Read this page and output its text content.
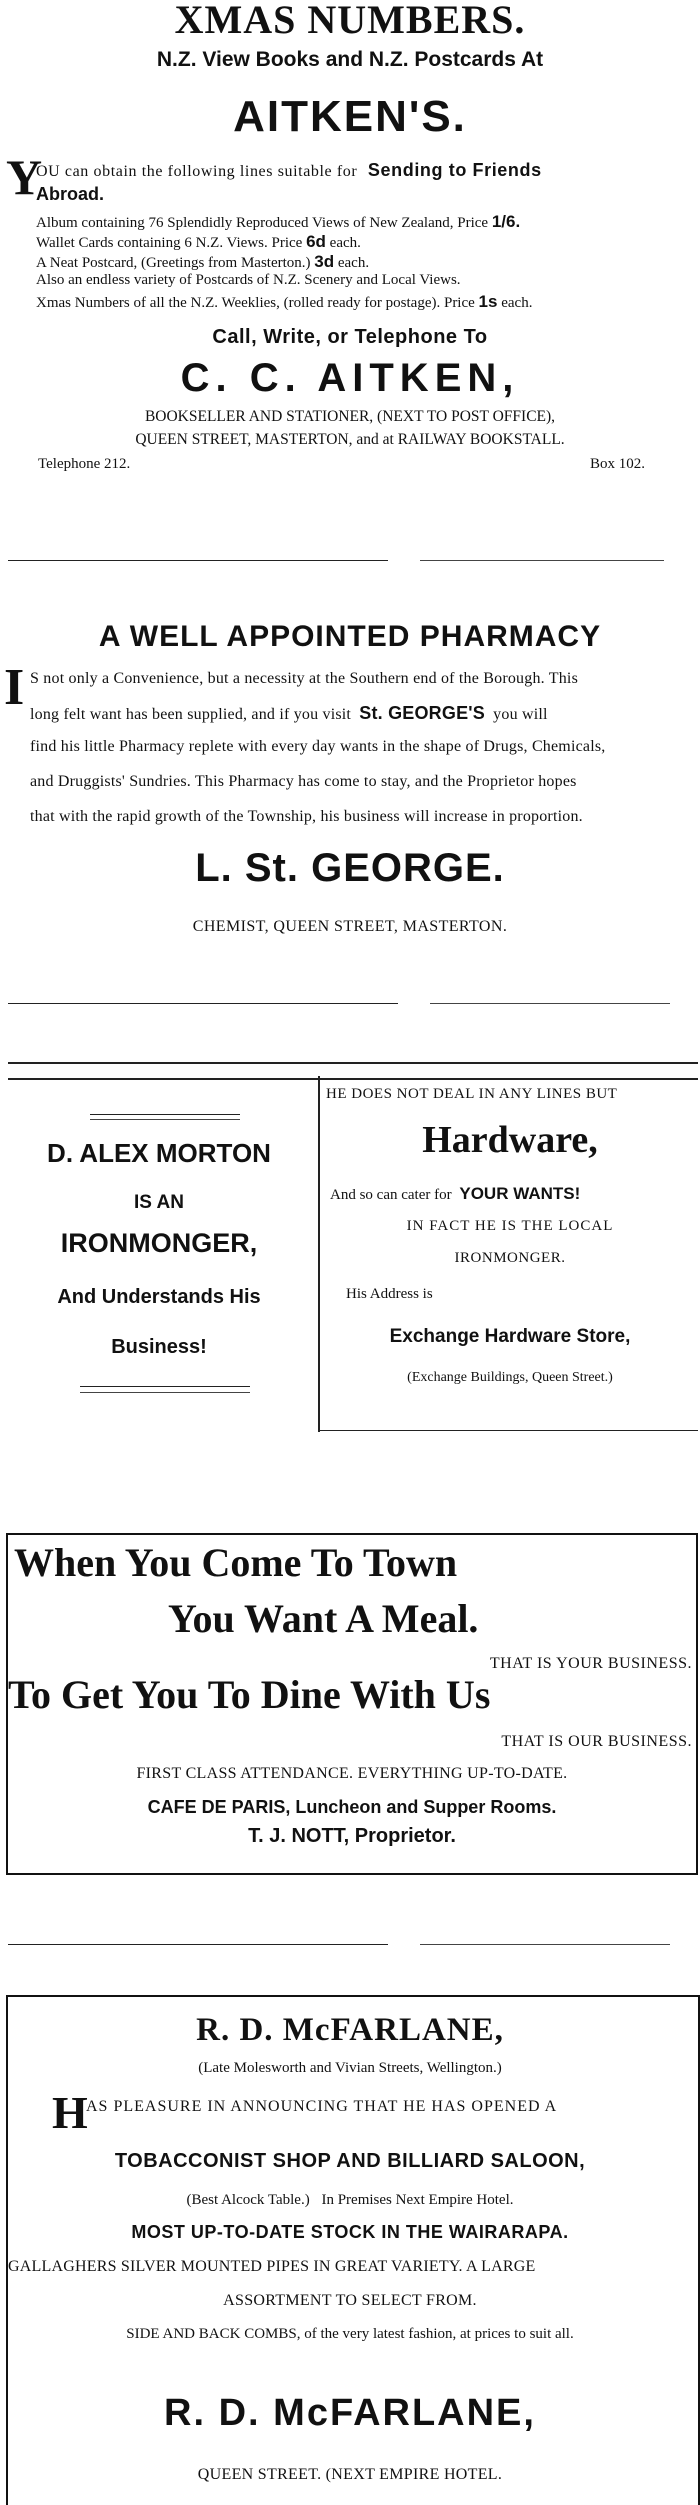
XMAS NUMBERS.
N.Z. View Books and N.Z. Postcards At
AITKEN'S.
Y
OU can obtain the following lines suitable for Sending to Friends
Abroad.
Album containing 76 Splendidly Reproduced Views of New Zealand, Price 1/6.
Wallet Cards containing 6 N.Z. Views. Price 6d each.
A Neat Postcard, (Greetings from Masterton.) 3d each.
Also an endless variety of Postcards of N.Z. Scenery and Local Views.
Xmas Numbers of all the N.Z. Weeklies, (rolled ready for postage). Price 1s each.
Call, Write, or Telephone To
C. C. AITKEN,
BOOKSELLER AND STATIONER, (NEXT TO POST OFFICE),
QUEEN STREET, MASTERTON, and at RAILWAY BOOKSTALL.
Telephone 212.	Box 102.
A WELL APPOINTED PHARMACY
I S not only a Convenience, but a necessity at the Southern end of the Borough. This
long felt want has been supplied, and if you visit St. GEORGE'S you will
find his little Pharmacy replete with every day wants in the shape of Drugs, Chemicals,
and Druggists' Sundries. This Pharmacy has come to stay, and the Proprietor hopes
that with the rapid growth of the Township, his business will increase in proportion.
L. St. GEORGE.
CHEMIST, QUEEN STREET, MASTERTON.
D. ALEX MORTON
IS AN
IRONMONGER,
And Understands His
Business!
HE DOES NOT DEAL IN ANY LINES BUT
Hardware,
And so can cater for YOUR WANTS!
IN FACT HE IS THE LOCAL
IRONMONGER.
His Address is
Exchange Hardware Store,
(Exchange Buildings, Queen Street.)
When You Come To Town
You Want A Meal.
THAT IS YOUR BUSINESS.
To Get You To Dine With Us
THAT IS OUR BUSINESS.
FIRST CLASS ATTENDANCE. EVERYTHING UP-TO-DATE.
CAFE DE PARIS, Luncheon and Supper Rooms.
T. J. NOTT, Proprietor.
R. D. McFARLANE,
(Late Molesworth and Vivian Streets, Wellington.)
H
AS PLEASURE IN ANNOUNCING THAT HE HAS OPENED A
TOBACCONIST SHOP AND BILLIARD SALOON,
(Best Alcock Table.) In Premises Next Empire Hotel.
MOST UP-TO-DATE STOCK IN THE WAIRARAPA.
GALLAGHERS SILVER MOUNTED PIPES IN GREAT VARIETY. A LARGE
ASSORTMENT TO SELECT FROM.
SIDE AND BACK COMBS, of the very latest fashion, at prices to suit all.
R. D. McFARLANE,
QUEEN STREET. (NEXT EMPIRE HOTEL.
